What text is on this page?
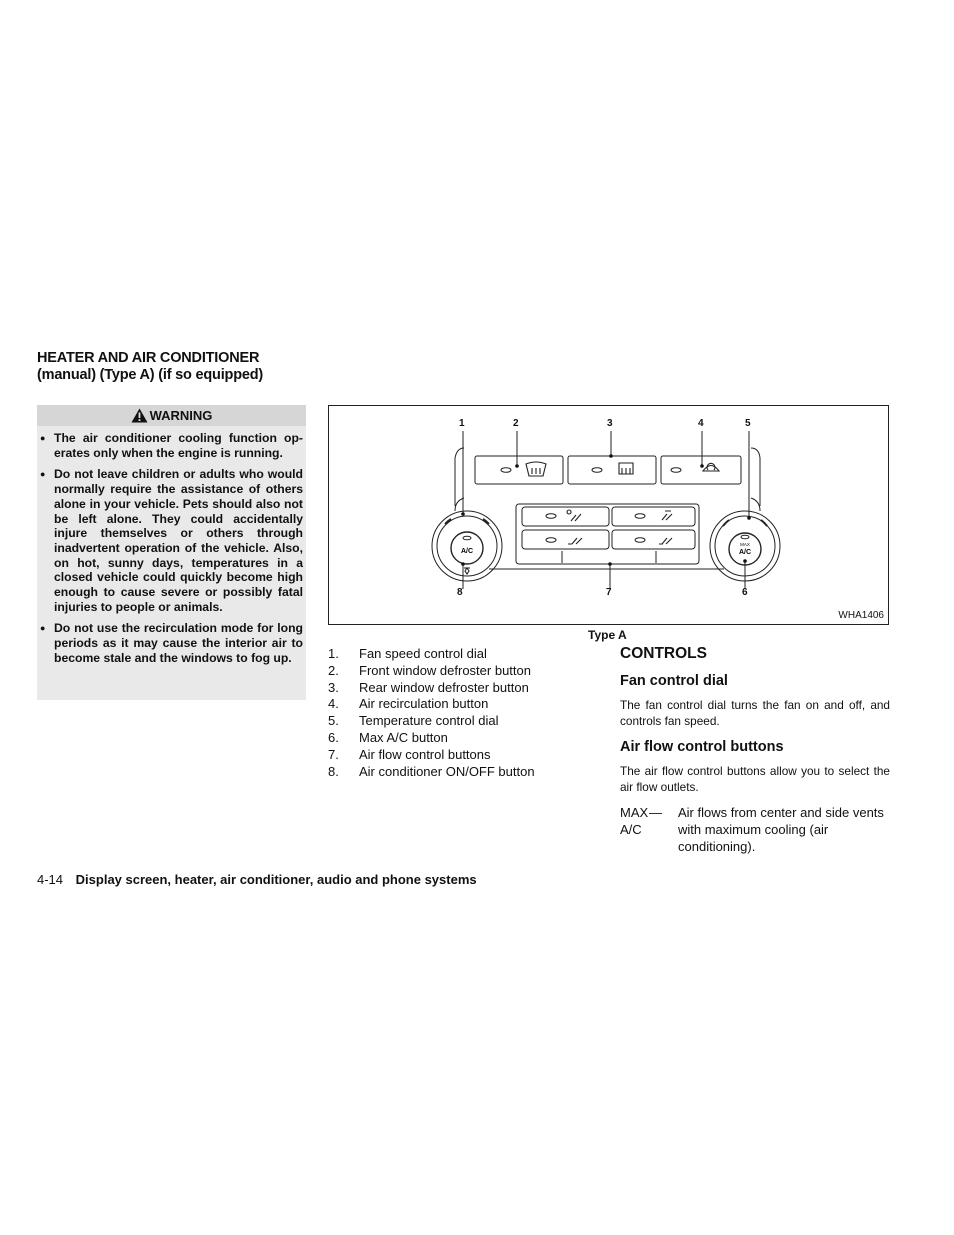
HEATER AND AIR CONDITIONER
(manual) (Type A) (if so equipped)
WARNING
● The air conditioner cooling function op- erates only when the engine is running.
● Do not leave children or adults who would normally require the assistance of others alone in your vehicle. Pets should also not be left alone. They could accidentally injure themselves or others through inadvertent operation of the vehicle. Also, on hot, sunny days, temperatures in a closed vehicle could quickly become high enough to cause severe or possibly fatal injuries to people or animals.
● Do not use the recirculation mode for long periods as it may cause the interior air to become stale and the windows to fog up.
A/C
MAX
A/C
1	2	3	4	5
8	7	6
WHA1406
Type A
1. Fan speed control dial
2. Front window defroster button
3. Rear window defroster button
4. Air recirculation button
5. Temperature control dial
6. Max A/C button
7. Air flow control buttons
8. Air conditioner ON/OFF button
CONTROLS
Fan control dial

The fan control dial turns the fan on and off, and controls fan speed.

Air flow control buttons

The air flow control buttons allow you to select the air flow outlets.

MAX
A/C
—	Air flows from center and side vents with maximum cooling (air conditioning).
4-14 Display screen, heater, air conditioner, audio and phone systems
